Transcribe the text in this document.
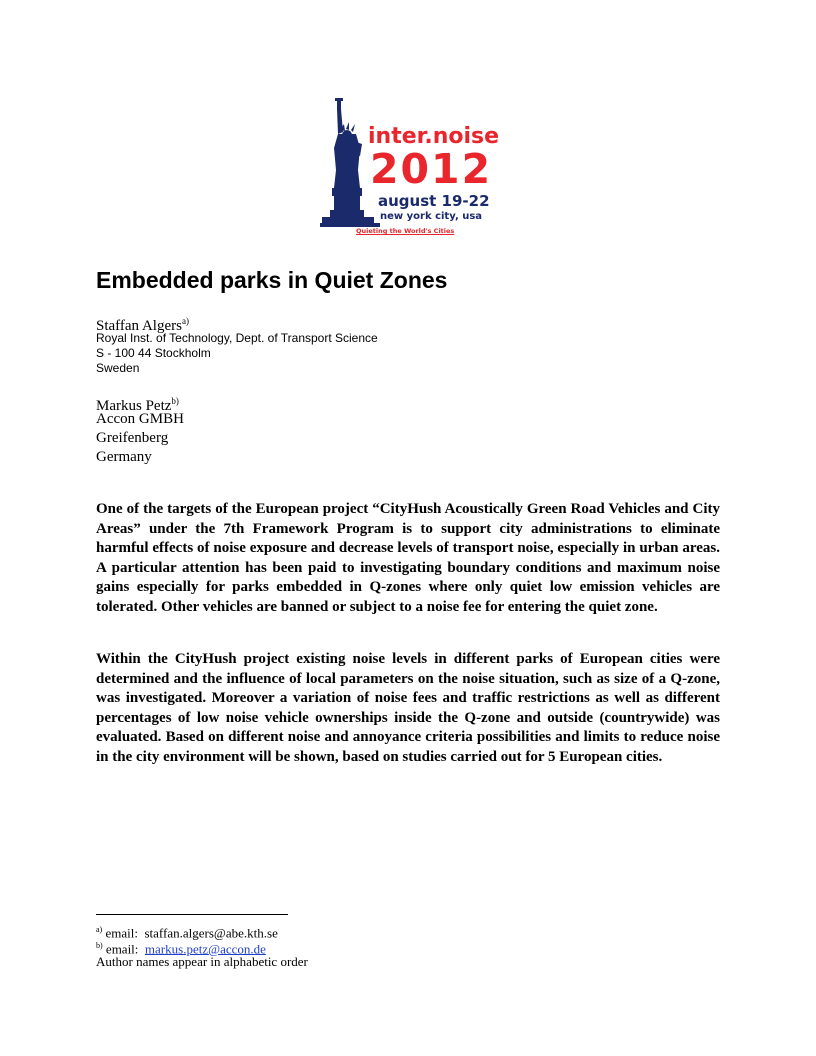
inter.noise
2012
august 19-22
new york city, usa
Quieting the World's Cities
Embedded parks in Quiet Zones
Staffan Algers$^{a)}$
Royal Inst. of Technology, Dept. of Transport Science
S - 100 44 Stockholm
Sweden
Markus Petz$^{b)}$
Accon GMBH
Greifenberg
Germany

One of the targets of the European project “CityHush Acoustically Green Road Vehicles and City Areas” under the 7th Framework Program is to support city administrations to eliminate harmful effects of noise exposure and decrease levels of transport noise, especially in urban areas. A particular attention has been paid to investigating boundary conditions and maximum noise gains especially for parks embedded in Q-zones where only quiet low emission vehicles are tolerated. Other vehicles are banned or subject to a noise fee for entering the quiet zone.

Within the CityHush project existing noise levels in different parks of European cities were determined and the influence of local parameters on the noise situation, such as size of a Q-zone, was investigated. Moreover a variation of noise fees and traffic restrictions as well as different percentages of low noise vehicle ownerships inside the Q-zone and outside (countrywide) was evaluated. Based on different noise and annoyance criteria possibilities and limits to reduce noise in the city environment will be shown, based on studies carried out for 5 European cities.

$^{a)}$ email: staffan.algers@abe.kth.se
$^{b)}$ email: markus.petz@accon.de
Author names appear in alphabetic order
